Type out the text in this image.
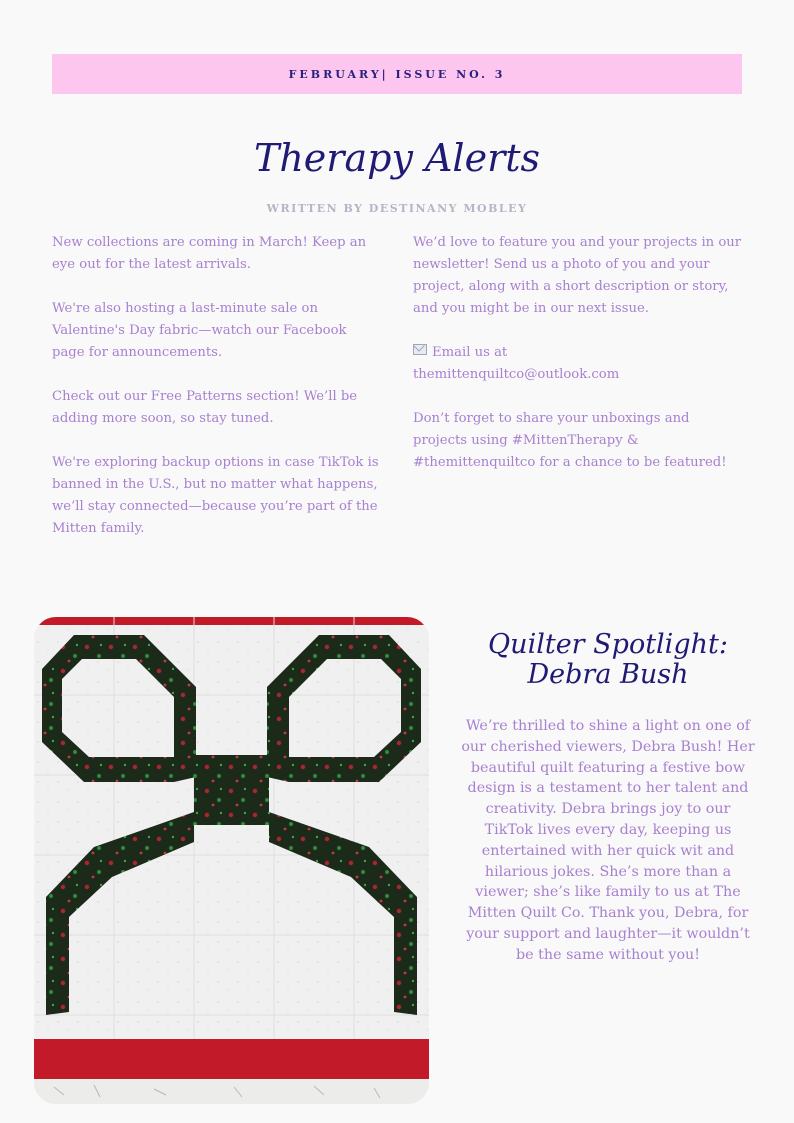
FEBRUARY| ISSUE NO. 3
Therapy Alerts
WRITTEN BY DESTINANY MOBLEY

New collections are coming in March! Keep an eye out for the latest arrivals.

We're also hosting a last-minute sale on Valentine's Day fabric—watch our Facebook page for announcements.

Check out our Free Patterns section! We’ll be adding more soon, so stay tuned.

We're exploring backup options in case TikTok is banned in the U.S., but no matter what happens, we’ll stay connected—because you’re part of the Mitten family.

We’d love to feature you and your projects in our newsletter! Send us a photo of you and your project, along with a short description or story, and you might be in our next issue.

Email us at
themittenquiltco@outlook.com

Don’t forget to share your unboxings and projects using #MittenTherapy & #themittenquiltco for a chance to be featured!

Quilter Spotlight:
Debra Bush
We’re thrilled to shine a light on one of our cherished viewers, Debra Bush! Her beautiful quilt featuring a festive bow design is a testament to her talent and creativity. Debra brings joy to our TikTok lives every day, keeping us entertained with her quick wit and hilarious jokes. She’s more than a viewer; she’s like family to us at The Mitten Quilt Co. Thank you, Debra, for your support and laughter—it wouldn’t be the same without you!
